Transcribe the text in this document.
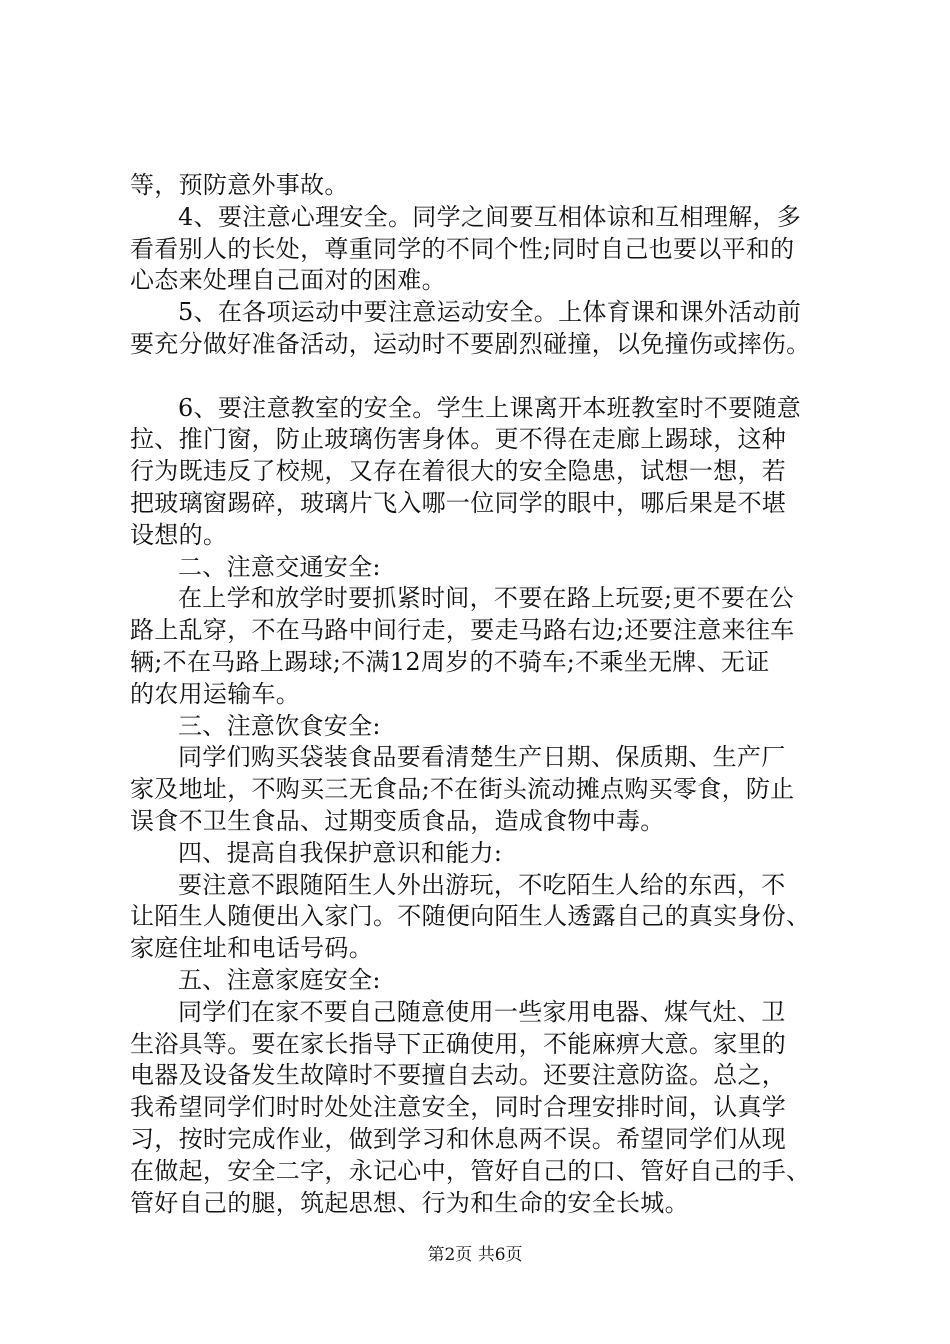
等，预防意外事故。
4、要注意心理安全。同学之间要互相体谅和互相理解，多
看看别人的长处，尊重同学的不同个性;同时自己也要以平和的
心态来处理自己面对的困难。
5、在各项运动中要注意运动安全。上体育课和课外活动前
要充分做好准备活动，运动时不要剧烈碰撞，以免撞伤或摔伤。
6、要注意教室的安全。学生上课离开本班教室时不要随意
拉、推门窗，防止玻璃伤害身体。更不得在走廊上踢球，这种
行为既违反了校规，又存在着很大的安全隐患，试想一想，若
把玻璃窗踢碎，玻璃片飞入哪一位同学的眼中，哪后果是不堪
设想的。
二、注意交通安全:
在上学和放学时要抓紧时间，不要在路上玩耍;更不要在公
路上乱穿，不在马路中间行走，要走马路右边;还要注意来往车
辆;不在马路上踢球;不满12周岁的不骑车;不乘坐无牌、无证
的农用运输车。
三、注意饮食安全:
同学们购买袋装食品要看清楚生产日期、保质期、生产厂
家及地址，不购买三无食品;不在街头流动摊点购买零食，防止
误食不卫生食品、过期变质食品，造成食物中毒。
四、提高自我保护意识和能力:
要注意不跟随陌生人外出游玩，不吃陌生人给的东西，不
让陌生人随便出入家门。不随便向陌生人透露自己的真实身份、
家庭住址和电话号码。
五、注意家庭安全:
同学们在家不要自己随意使用一些家用电器、煤气灶、卫
生浴具等。要在家长指导下正确使用，不能麻痹大意。家里的
电器及设备发生故障时不要擅自去动。还要注意防盗。总之，
我希望同学们时时处处注意安全，同时合理安排时间，认真学
习，按时完成作业，做到学习和休息两不误。希望同学们从现
在做起，安全二字，永记心中，管好自己的口、管好自己的手、
管好自己的腿，筑起思想、行为和生命的安全长城。
第2页 共6页
